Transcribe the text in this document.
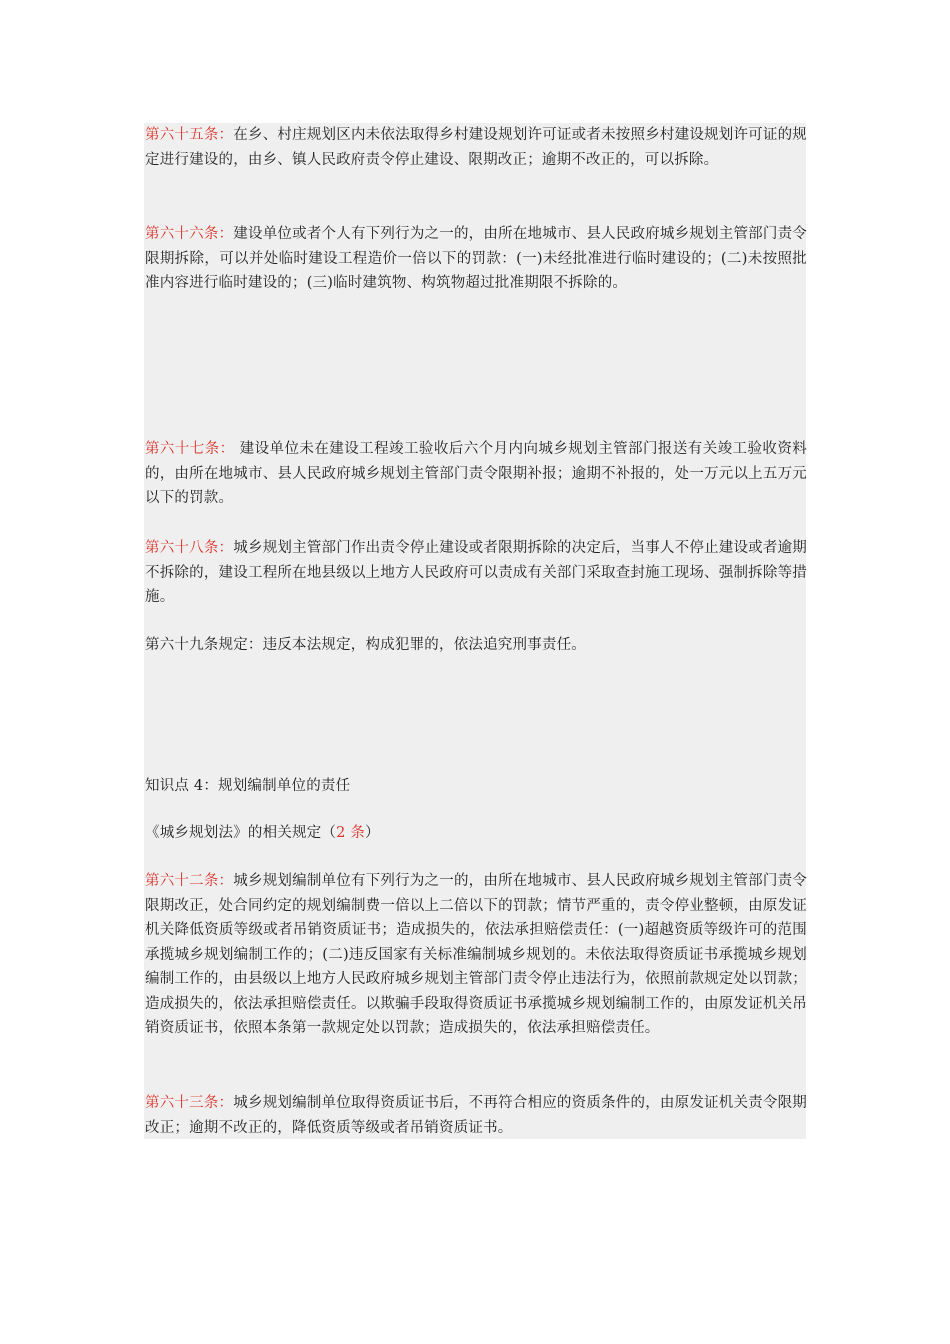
第六十五条：在乡、村庄规划区内未依法取得乡村建设规划许可证或者未按照乡村建设规划许可证的规定进行建设的，由乡、镇人民政府责令停止建设、限期改正；逾期不改正的，可以拆除。

第六十六条：建设单位或者个人有下列行为之一的，由所在地城市、县人民政府城乡规划主管部门责令限期拆除，可以并处临时建设工程造价一倍以下的罚款：(一)未经批准进行临时建设的；(二)未按照批准内容进行临时建设的；(三)临时建筑物、构筑物超过批准期限不拆除的。

第六十七条： 建设单位未在建设工程竣工验收后六个月内向城乡规划主管部门报送有关竣工验收资料的，由所在地城市、县人民政府城乡规划主管部门责令限期补报；逾期不补报的，处一万元以上五万元以下的罚款。

第六十八条：城乡规划主管部门作出责令停止建设或者限期拆除的决定后，当事人不停止建设或者逾期不拆除的，建设工程所在地县级以上地方人民政府可以责成有关部门采取查封施工现场、强制拆除等措施。

第六十九条规定：违反本法规定，构成犯罪的，依法追究刑事责任。

知识点 4：规划编制单位的责任

《城乡规划法》的相关规定（2 条）

第六十二条：城乡规划编制单位有下列行为之一的，由所在地城市、县人民政府城乡规划主管部门责令限期改正，处合同约定的规划编制费一倍以上二倍以下的罚款；情节严重的，责令停业整顿，由原发证机关降低资质等级或者吊销资质证书；造成损失的，依法承担赔偿责任：(一)超越资质等级许可的范围承揽城乡规划编制工作的；(二)违反国家有关标准编制城乡规划的。未依法取得资质证书承揽城乡规划编制工作的，由县级以上地方人民政府城乡规划主管部门责令停止违法行为，依照前款规定处以罚款；造成损失的，依法承担赔偿责任。以欺骗手段取得资质证书承揽城乡规划编制工作的，由原发证机关吊销资质证书，依照本条第一款规定处以罚款；造成损失的，依法承担赔偿责任。

第六十三条：城乡规划编制单位取得资质证书后，不再符合相应的资质条件的，由原发证机关责令限期改正；逾期不改正的，降低资质等级或者吊销资质证书。
